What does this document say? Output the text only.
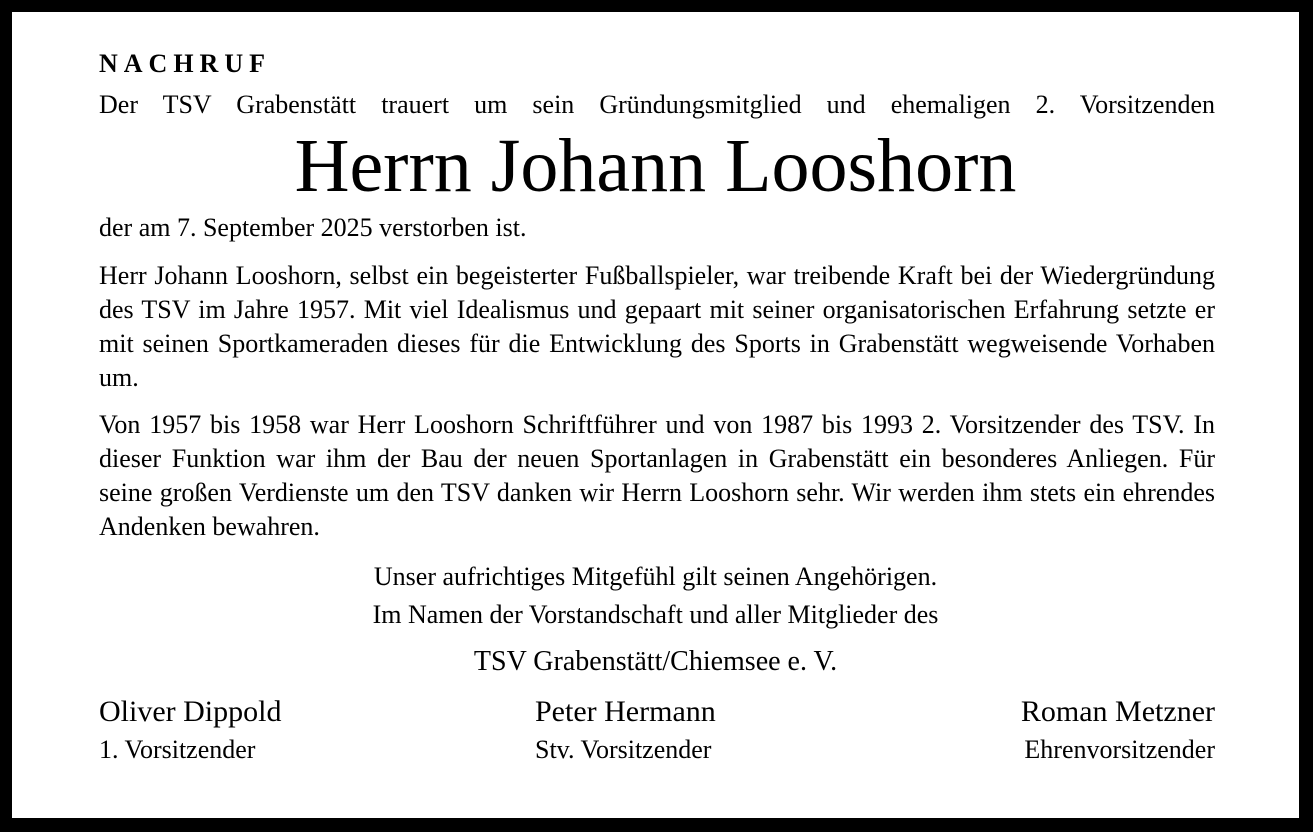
NACHRUF
Der TSV Grabenstätt trauert um sein Gründungsmitglied und ehemaligen 2. Vorsitzenden
Herrn Johann Looshorn
der am 7. September 2025 verstorben ist.
Herr Johann Looshorn, selbst ein begeisterter Fußballspieler, war treibende Kraft bei der Wiedergründung des TSV im Jahre 1957. Mit viel Idealismus und gepaart mit seiner organisatorischen Erfahrung setzte er mit seinen Sportkameraden dieses für die Entwicklung des Sports in Grabenstätt wegweisende Vorhaben um.
Von 1957 bis 1958 war Herr Looshorn Schriftführer und von 1987 bis 1993 2. Vorsitzender des TSV. In dieser Funktion war ihm der Bau der neuen Sportanlagen in Grabenstätt ein besonderes Anliegen. Für seine großen Verdienste um den TSV danken wir Herrn Looshorn sehr. Wir werden ihm stets ein ehrendes Andenken bewahren.
Unser aufrichtiges Mitgefühl gilt seinen Angehörigen.
Im Namen der Vorstandschaft und aller Mitglieder des
TSV Grabenstätt/Chiemsee e. V.
Oliver Dippold
1. Vorsitzender
Peter Hermann
Stv. Vorsitzender
Roman Metzner
Ehrenvorsitzender
